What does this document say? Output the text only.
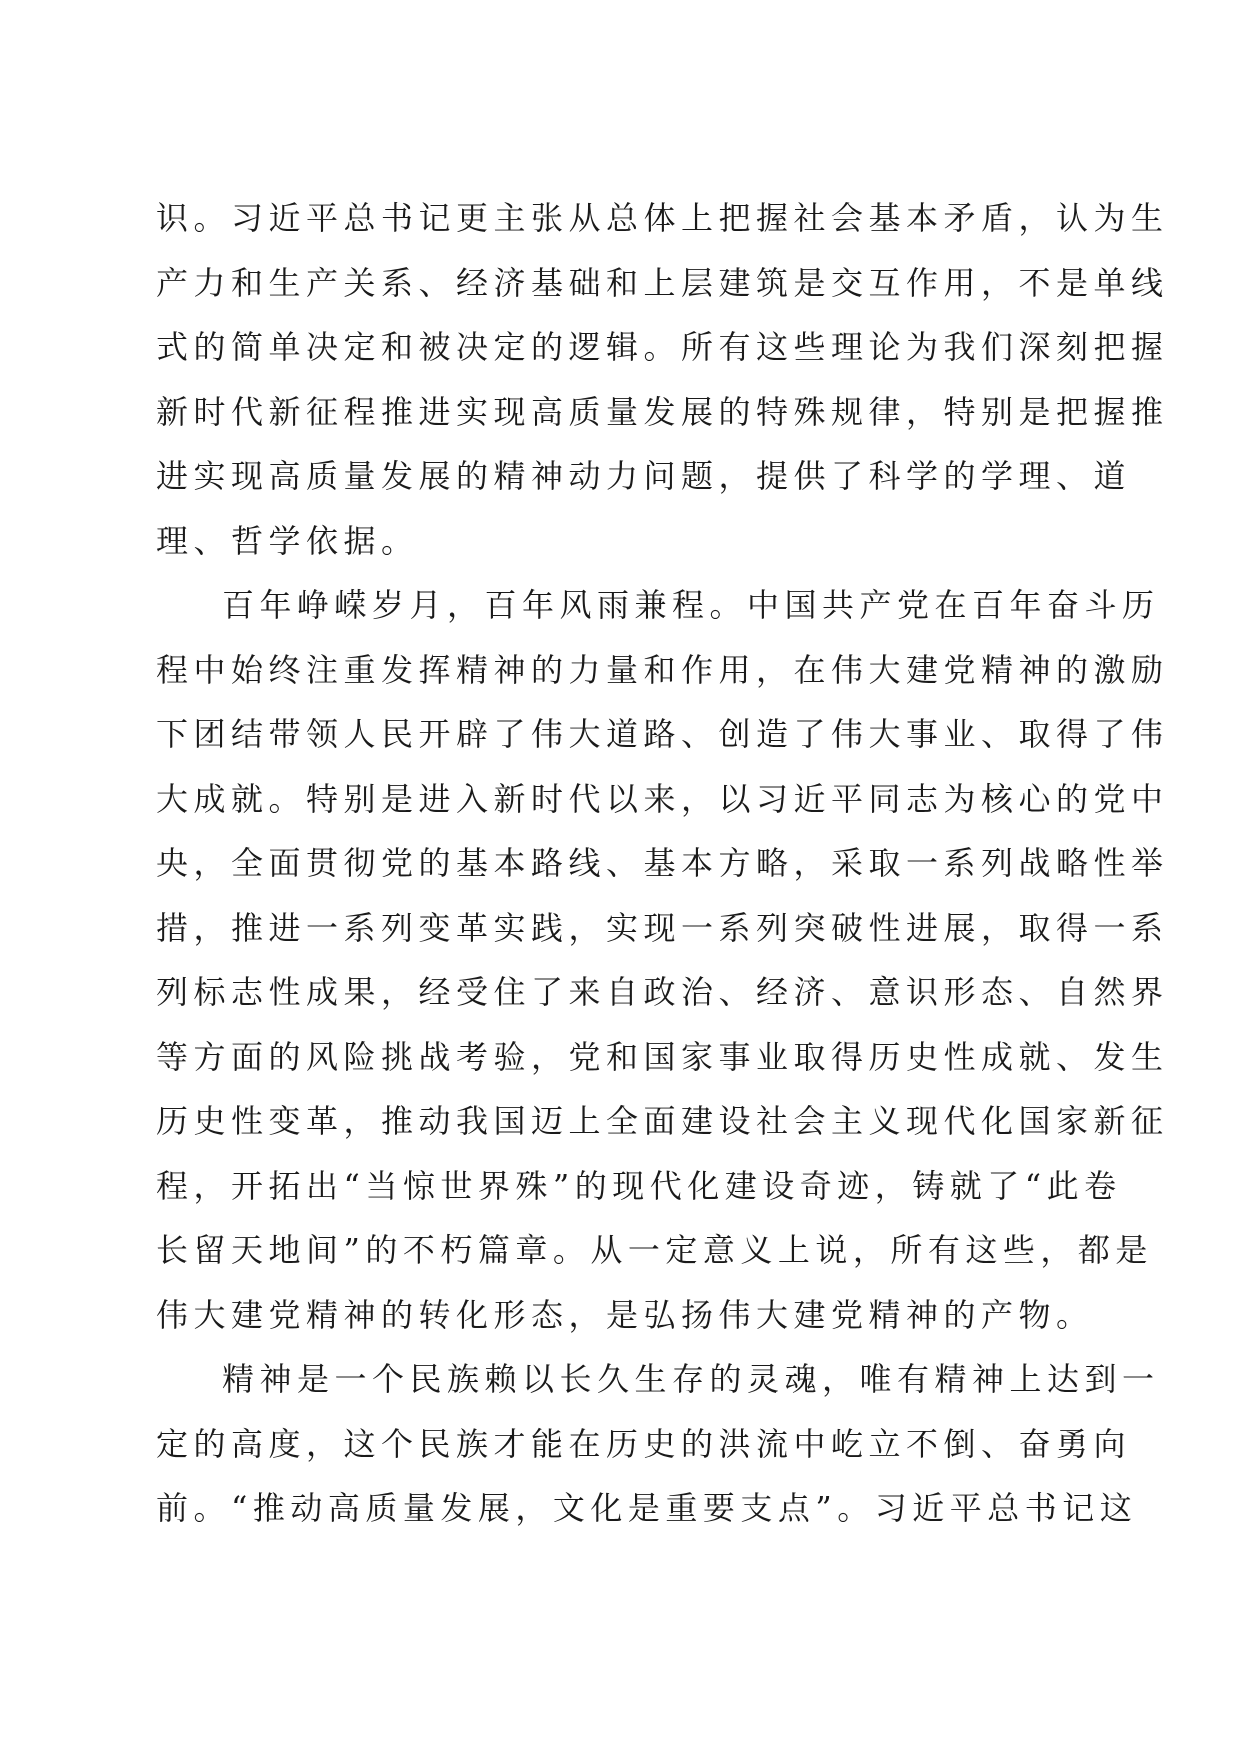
识。习近平总书记更主张从总体上把握社会基本矛盾，认为生
产力和生产关系、经济基础和上层建筑是交互作用，不是单线
式的简单决定和被决定的逻辑。所有这些理论为我们深刻把握
新时代新征程推进实现高质量发展的特殊规律，特别是把握推
进实现高质量发展的精神动力问题，提供了科学的学理、道
理、哲学依据。
百年峥嵘岁月，百年风雨兼程。中国共产党在百年奋斗历
程中始终注重发挥精神的力量和作用，在伟大建党精神的激励
下团结带领人民开辟了伟大道路、创造了伟大事业、取得了伟
大成就。特别是进入新时代以来，以习近平同志为核心的党中
央，全面贯彻党的基本路线、基本方略，采取一系列战略性举
措，推进一系列变革实践，实现一系列突破性进展，取得一系
列标志性成果，经受住了来自政治、经济、意识形态、自然界
等方面的风险挑战考验，党和国家事业取得历史性成就、发生
历史性变革，推动我国迈上全面建设社会主义现代化国家新征
程，开拓出“当惊世界殊”的现代化建设奇迹，铸就了“此卷
长留天地间”的不朽篇章。从一定意义上说，所有这些，都是
伟大建党精神的转化形态，是弘扬伟大建党精神的产物。
精神是一个民族赖以长久生存的灵魂，唯有精神上达到一
定的高度，这个民族才能在历史的洪流中屹立不倒、奋勇向
前。“推动高质量发展，文化是重要支点”。习近平总书记这
